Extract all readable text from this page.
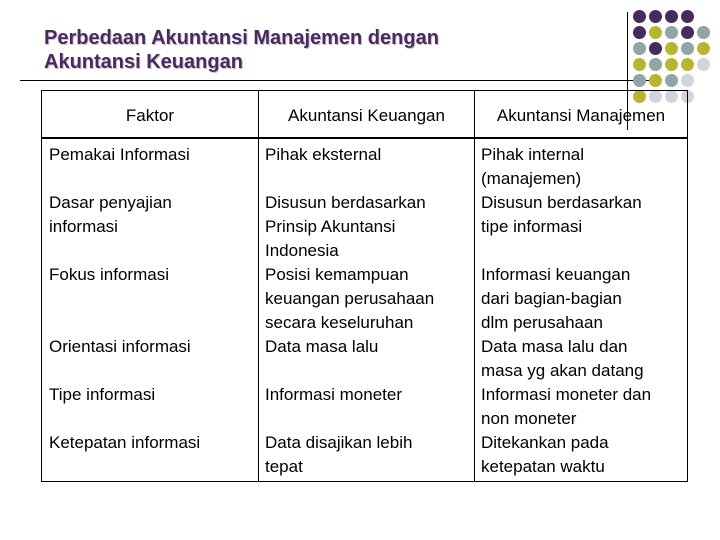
Perbedaan Akuntansi Manajemen dengan
Akuntansi Keuangan
Faktor	Akuntansi Keuangan	Akuntansi Manajemen
Pemakai Informasi

Dasar penyajian
informasi

Fokus informasi

Orientasi informasi

Tipe informasi

Ketepatan informasi
Pihak eksternal

Disusun berdasarkan
Prinsip Akuntansi
Indonesia
Posisi kemampuan
keuangan perusahaan
secara keseluruhan
Data masa lalu

Informasi moneter

Data disajikan lebih
tepat
Pihak internal
(manajemen)
Disusun berdasarkan
tipe informasi

Informasi keuangan
dari bagian-bagian
dlm perusahaan
Data masa lalu dan
masa yg akan datang
Informasi moneter dan
non moneter
Ditekankan pada
ketepatan waktu
